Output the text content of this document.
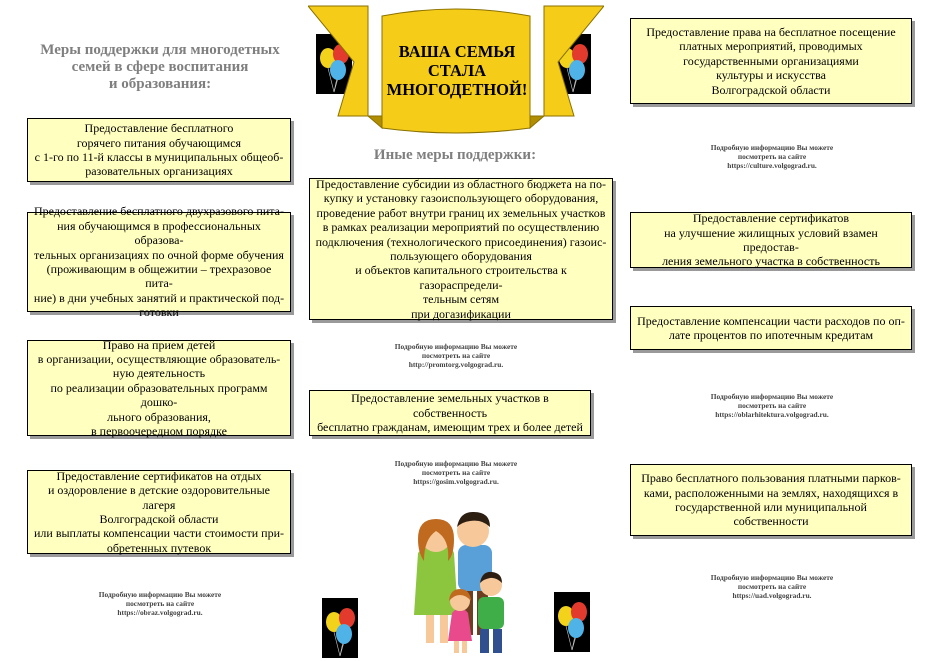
Меры поддержки для многодетных
семей в сфере воспитания
и образования:
Предоставление бесплатного
горячего питания обучающимся
с 1-го по 11-й классы в муниципальных общеоб-
разовательных организациях
Предоставление бесплатного двухразового пита-
ния обучающимся в профессиональных образова-
тельных организациях по очной форме обучения
(проживающим в общежитии – трехразовое пита-
ние) в дни учебных занятий и практической под-
готовки
Право на прием детей
в организации, осуществляющие образователь-
ную деятельность
по реализации образовательных программ дошко-
льного образования,
в первоочередном порядке
Предоставление сертификатов на отдых
и оздоровление в детские оздоровительные лагеря
Волгоградской области
или выплаты компенсации части стоимости при-
обретенных путевок
Подробную информацию Вы можете
посмотреть на сайте
https://obraz.volgograd.ru.
ВАША СЕМЬЯ
СТАЛА
МНОГОДЕТНОЙ!
Иные меры поддержки:
Предоставление субсидии из областного бюджета на по-
купку и установку газоиспользующего оборудования,
проведение работ внутри границ их земельных участков
в рамках реализации мероприятий по осуществлению
подключения (технологического присоединения) газоис-
пользующего оборудования
и объектов капитального строительства к газораспредели-
тельным сетям
при догазификации
Подробную информацию Вы можете
посмотреть на сайте
http://promtorg.volgograd.ru.
Предоставление земельных участков в собственность
бесплатно гражданам, имеющим трех и более детей
Подробную информацию Вы можете
посмотреть на сайте
https://gosim.volgograd.ru.
Предоставление права на бесплатное посещение
платных мероприятий, проводимых
государственными организациями
культуры и искусства
Волгоградской области
Подробную информацию Вы можете
посмотреть на сайте
https://culture.volgograd.ru.
Предоставление сертификатов
на улучшение жилищных условий взамен предостав-
ления земельного участка в собственность
Предоставление компенсации части расходов по оп-
лате процентов по ипотечным кредитам
Подробную информацию Вы можете
посмотреть на сайте
https://oblarhitektura.volgograd.ru.
Право бесплатного пользования платными парков-
ками, расположенными на землях, находящихся в
государственной или муниципальной
собственности
Подробную информацию Вы можете
посмотреть на сайте
https://uad.volgograd.ru.
